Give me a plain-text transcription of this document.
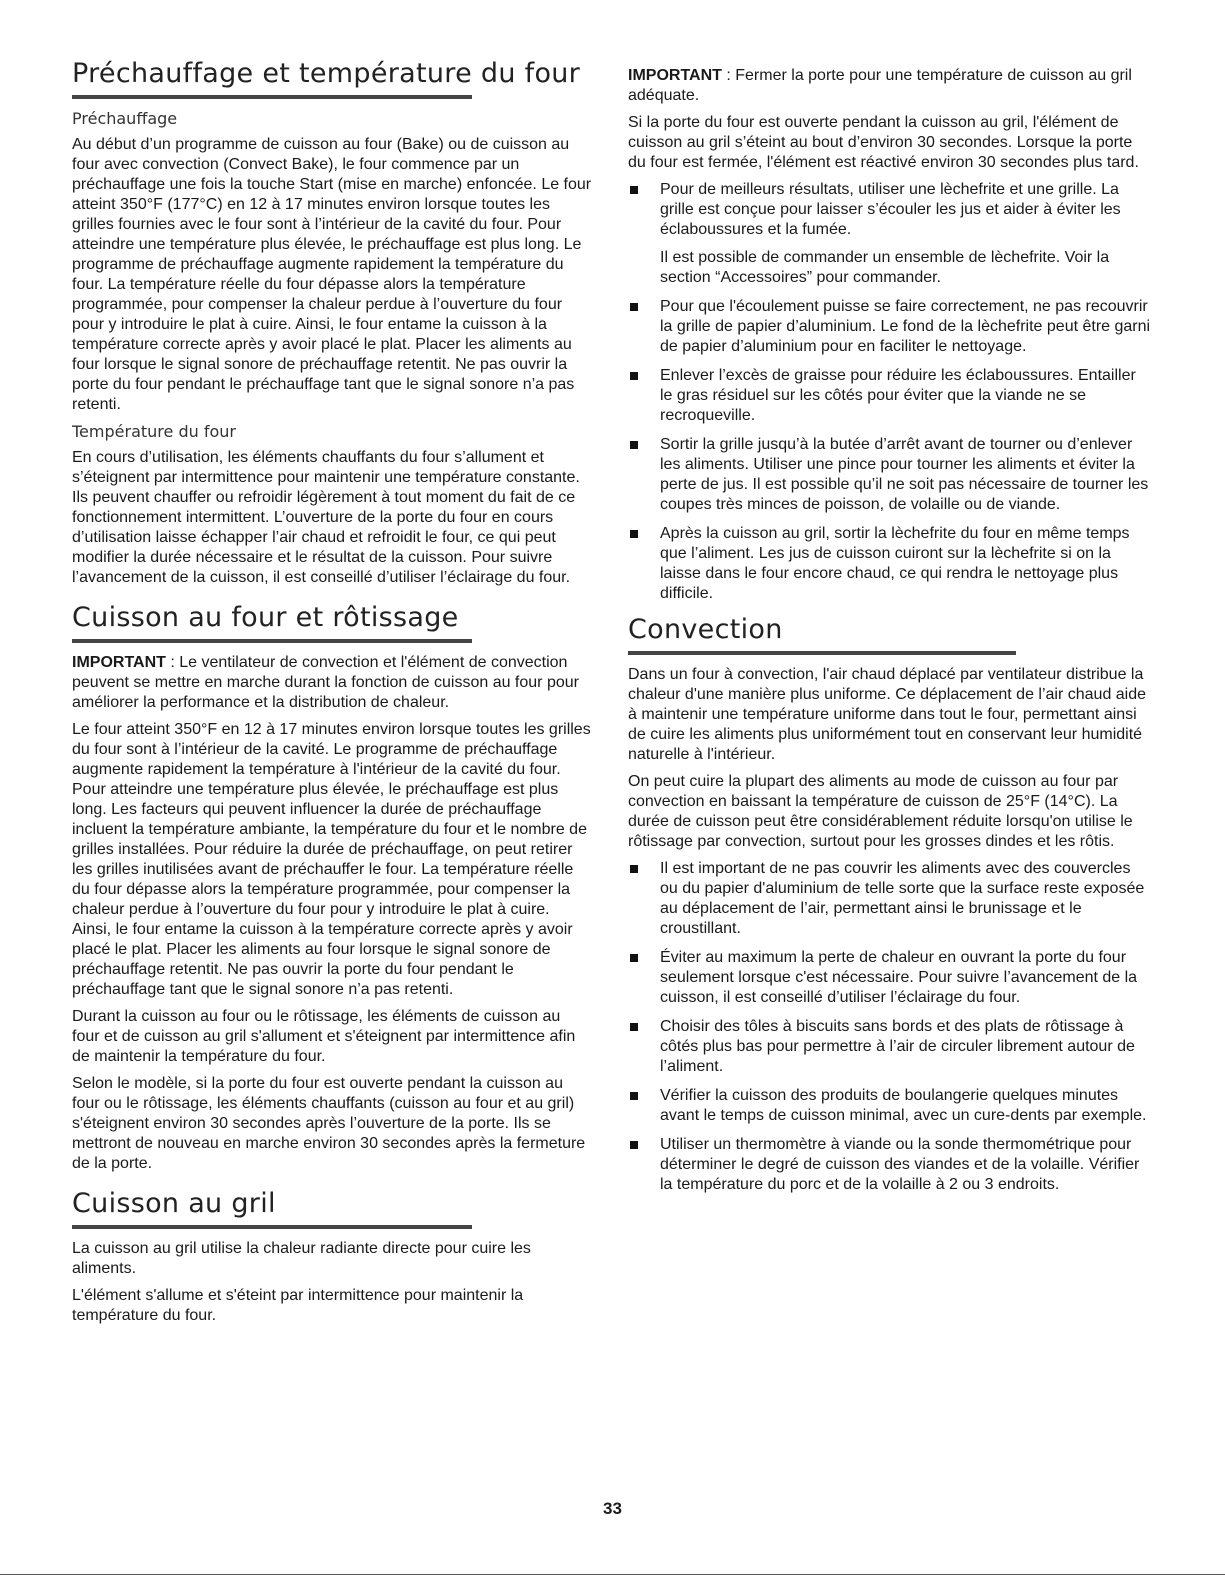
Préchauffage et température du four
Préchauffage

Au début d’un programme de cuisson au four (Bake) ou de cuisson au four avec convection (Convect Bake), le four commence par un préchauffage une fois la touche Start (mise en marche) enfoncée. Le four atteint 350°F (177°C) en 12 à 17 minutes environ lorsque toutes les grilles fournies avec le four sont à l’intérieur de la cavité du four. Pour atteindre une température plus élevée, le préchauffage est plus long. Le programme de préchauffage augmente rapidement la température du four. La température réelle du four dépasse alors la température programmée, pour compenser la chaleur perdue à l’ouverture du four pour y introduire le plat à cuire. Ainsi, le four entame la cuisson à la température correcte après y avoir placé le plat. Placer les aliments au four lorsque le signal sonore de préchauffage retentit. Ne pas ouvrir la porte du four pendant le préchauffage tant que le signal sonore n’a pas retenti.

Température du four

En cours d’utilisation, les éléments chauffants du four s’allument et s’éteignent par intermittence pour maintenir une température constante. Ils peuvent chauffer ou refroidir légèrement à tout moment du fait de ce fonctionnement intermittent. L’ouverture de la porte du four en cours d’utilisation laisse échapper l’air chaud et refroidit le four, ce qui peut modifier la durée nécessaire et le résultat de la cuisson. Pour suivre l’avancement de la cuisson, il est conseillé d’utiliser l’éclairage du four.

Cuisson au four et rôtissage

IMPORTANT : Le ventilateur de convection et l'élément de convection peuvent se mettre en marche durant la fonction de cuisson au four pour améliorer la performance et la distribution de chaleur.

Le four atteint 350°F en 12 à 17 minutes environ lorsque toutes les grilles du four sont à l’intérieur de la cavité. Le programme de préchauffage augmente rapidement la température à l'intérieur de la cavité du four. Pour atteindre une température plus élevée, le préchauffage est plus long. Les facteurs qui peuvent influencer la durée de préchauffage incluent la température ambiante, la température du four et le nombre de grilles installées. Pour réduire la durée de préchauffage, on peut retirer les grilles inutilisées avant de préchauffer le four. La température réelle du four dépasse alors la température programmée, pour compenser la chaleur perdue à l’ouverture du four pour y introduire le plat à cuire. Ainsi, le four entame la cuisson à la température correcte après y avoir placé le plat. Placer les aliments au four lorsque le signal sonore de préchauffage retentit. Ne pas ouvrir la porte du four pendant le préchauffage tant que le signal sonore n’a pas retenti.

Durant la cuisson au four ou le rôtissage, les éléments de cuisson au four et de cuisson au gril s'allument et s'éteignent par intermittence afin de maintenir la température du four.

Selon le modèle, si la porte du four est ouverte pendant la cuisson au four ou le rôtissage, les éléments chauffants (cuisson au four et au gril) s'éteignent environ 30 secondes après l’ouverture de la porte. Ils se mettront de nouveau en marche environ 30 secondes après la fermeture de la porte.

Cuisson au gril

La cuisson au gril utilise la chaleur radiante directe pour cuire les aliments.

L'élément s'allume et s'éteint par intermittence pour maintenir la température du four.

IMPORTANT : Fermer la porte pour une température de cuisson au gril adéquate.

Si la porte du four est ouverte pendant la cuisson au gril, l'élément de cuisson au gril s’éteint au bout d’environ 30 secondes. Lorsque la porte du four est fermée, l'élément est réactivé environ 30 secondes plus tard.

Pour de meilleurs résultats, utiliser une lèchefrite et une grille. La grille est conçue pour laisser s’écouler les jus et aider à éviter les éclaboussures et la fumée.
Il est possible de commander un ensemble de lèchefrite. Voir la section “Accessoires” pour commander.
Pour que l'écoulement puisse se faire correctement, ne pas recouvrir la grille de papier d’aluminium. Le fond de la lèchefrite peut être garni de papier d’aluminium pour en faciliter le nettoyage.
Enlever l’excès de graisse pour réduire les éclaboussures. Entailler le gras résiduel sur les côtés pour éviter que la viande ne se recroqueville.
Sortir la grille jusqu’à la butée d’arrêt avant de tourner ou d’enlever les aliments. Utiliser une pince pour tourner les aliments et éviter la perte de jus. Il est possible qu’il ne soit pas nécessaire de tourner les coupes très minces de poisson, de volaille ou de viande.
Après la cuisson au gril, sortir la lèchefrite du four en même temps que l’aliment. Les jus de cuisson cuiront sur la lèchefrite si on la laisse dans le four encore chaud, ce qui rendra le nettoyage plus difficile.
Convection

Dans un four à convection, l'air chaud déplacé par ventilateur distribue la chaleur d'une manière plus uniforme. Ce déplacement de l’air chaud aide à maintenir une température uniforme dans tout le four, permettant ainsi de cuire les aliments plus uniformément tout en conservant leur humidité naturelle à l'intérieur.

On peut cuire la plupart des aliments au mode de cuisson au four par convection en baissant la température de cuisson de 25°F (14°C). La durée de cuisson peut être considérablement réduite lorsqu'on utilise le rôtissage par convection, surtout pour les grosses dindes et les rôtis.

Il est important de ne pas couvrir les aliments avec des couvercles ou du papier d'aluminium de telle sorte que la surface reste exposée au déplacement de l’air, permettant ainsi le brunissage et le croustillant.
Éviter au maximum la perte de chaleur en ouvrant la porte du four seulement lorsque c'est nécessaire. Pour suivre l’avancement de la cuisson, il est conseillé d’utiliser l’éclairage du four.
Choisir des tôles à biscuits sans bords et des plats de rôtissage à côtés plus bas pour permettre à l’air de circuler librement autour de l’aliment.
Vérifier la cuisson des produits de boulangerie quelques minutes avant le temps de cuisson minimal, avec un cure-dents par exemple.
Utiliser un thermomètre à viande ou la sonde thermométrique pour déterminer le degré de cuisson des viandes et de la volaille. Vérifier la température du porc et de la volaille à 2 ou 3 endroits.
33
